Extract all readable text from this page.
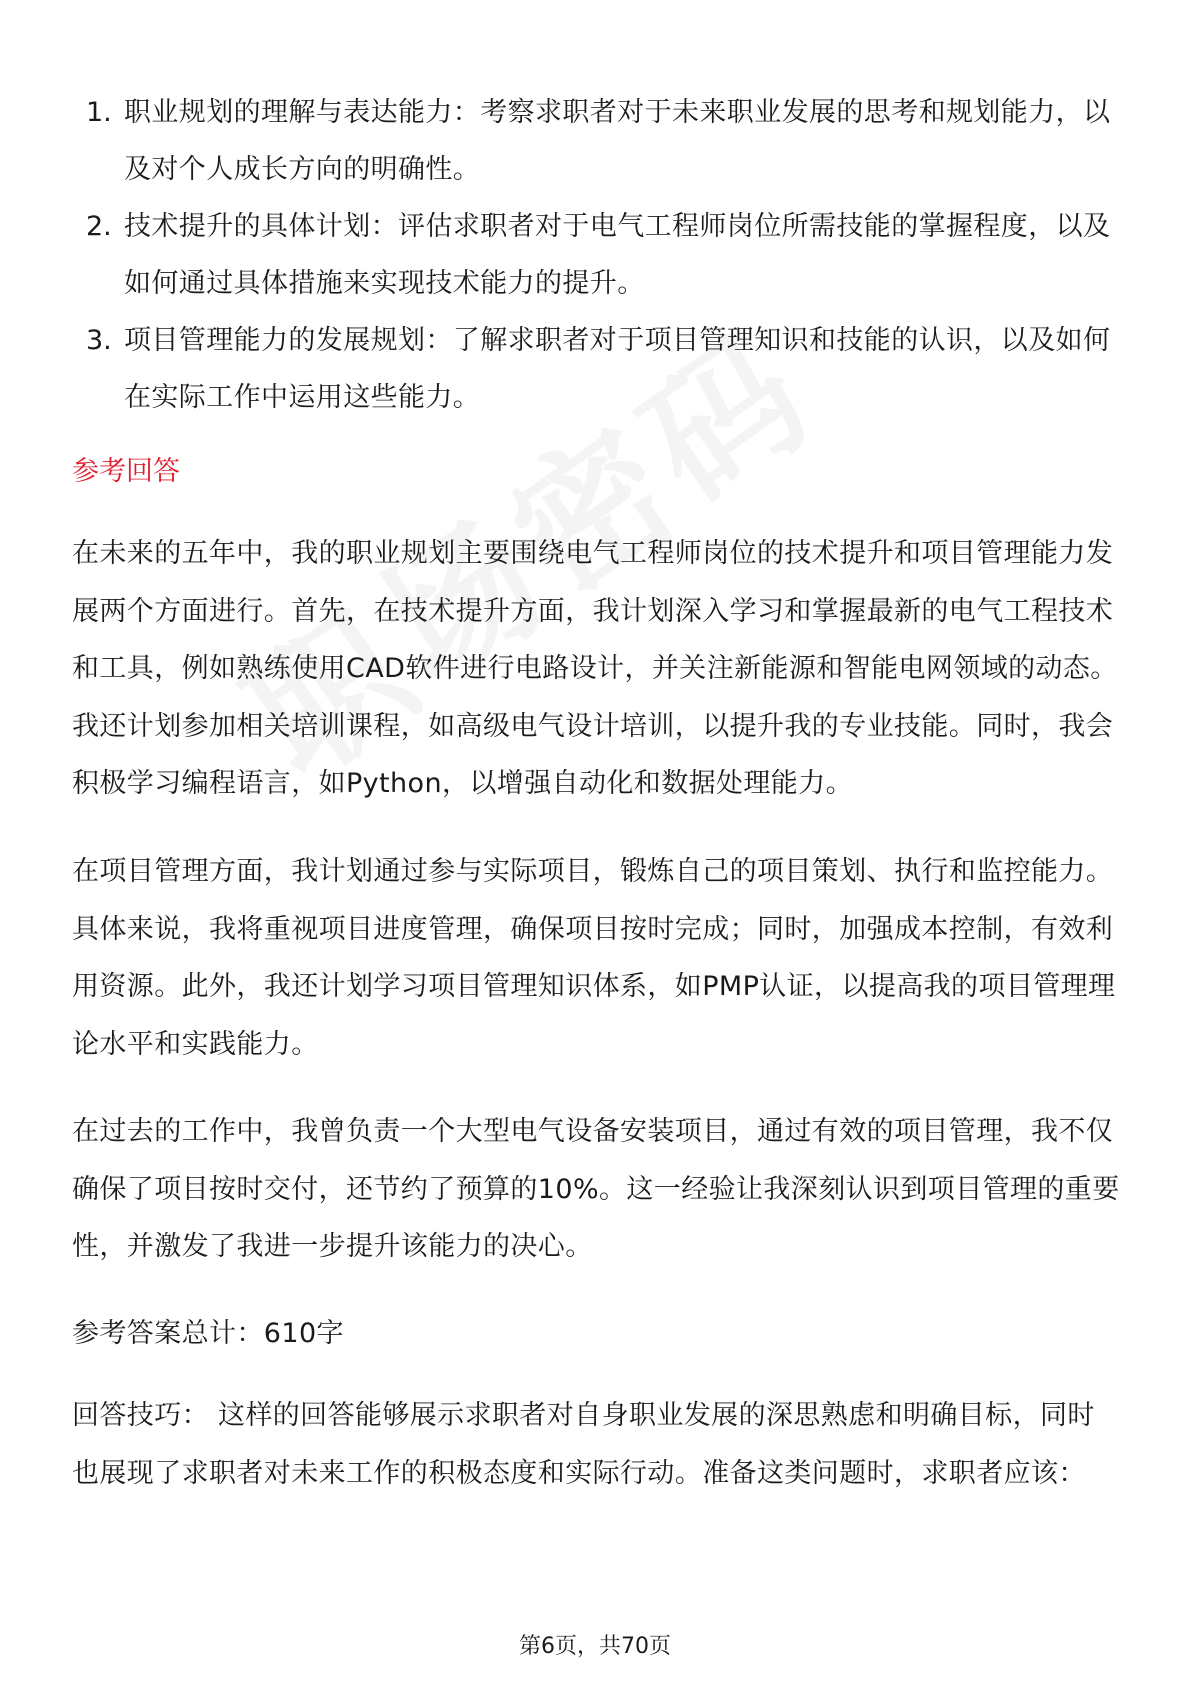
1. 职业规划的理解与表达能力：考察求职者对于未来职业发展的思考和规划能力，以及对个人成长方向的明确性。
2. 技术提升的具体计划：评估求职者对于电气工程师岗位所需技能的掌握程度，以及如何通过具体措施来实现技术能力的提升。
3. 项目管理能力的发展规划：了解求职者对于项目管理知识和技能的认识，以及如何在实际工作中运用这些能力。
参考回答

在未来的五年中，我的职业规划主要围绕电气工程师岗位的技术提升和项目管理能力发展两个方面进行。首先，在技术提升方面，我计划深入学习和掌握最新的电气工程技术和工具，例如熟练使用CAD软件进行电路设计，并关注新能源和智能电网领域的动态。我还计划参加相关培训课程，如高级电气设计培训，以提升我的专业技能。同时，我会积极学习编程语言，如Python，以增强自动化和数据处理能力。

在项目管理方面，我计划通过参与实际项目，锻炼自己的项目策划、执行和监控能力。具体来说，我将重视项目进度管理，确保项目按时完成；同时，加强成本控制，有效利用资源。此外，我还计划学习项目管理知识体系，如PMP认证，以提高我的项目管理理论水平和实践能力。

在过去的工作中，我曾负责一个大型电气设备安装项目，通过有效的项目管理，我不仅确保了项目按时交付，还节约了预算的10%。这一经验让我深刻认识到项目管理的重要性，并激发了我进一步提升该能力的决心。

参考答案总计：610字

回答技巧： 这样的回答能够展示求职者对自身职业发展的深思熟虑和明确目标，同时也展现了求职者对未来工作的积极态度和实际行动。准备这类问题时，求职者应该：

第6页，共70页
